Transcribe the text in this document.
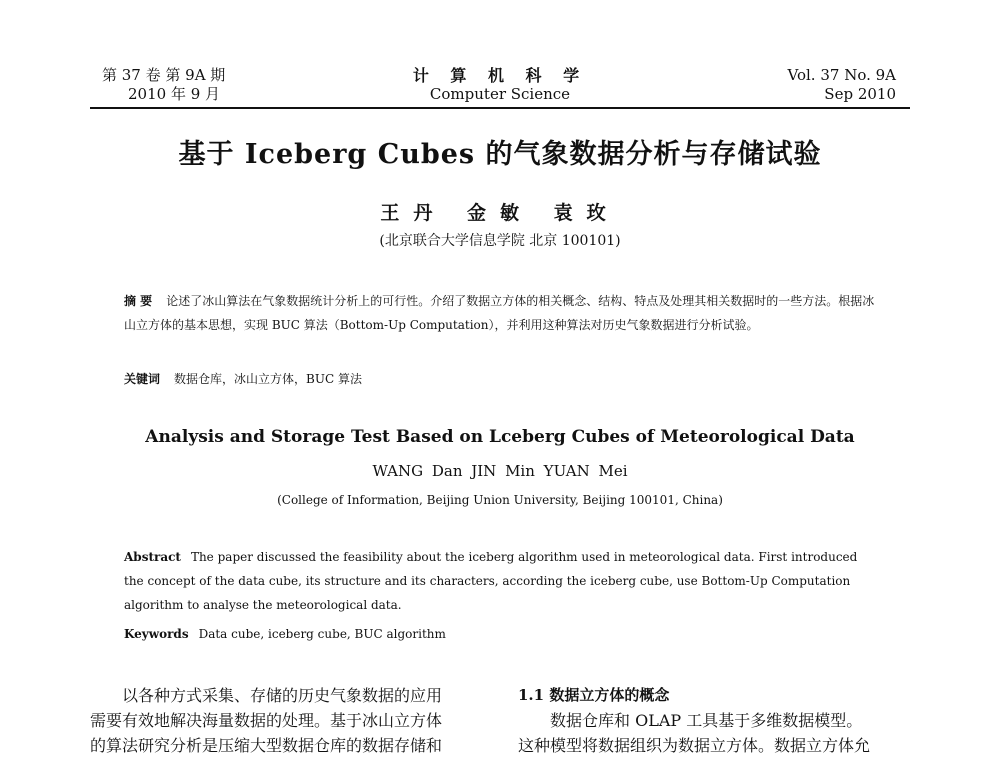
第 37 卷 第 9A 期
2010 年 9 月
计 算 机 科 学
Computer Science
Vol. 37 No. 9A
Sep 2010
基于 Iceberg Cubes 的气象数据分析与存储试验
王丹 金敏 袁玫
(北京联合大学信息学院 北京 100101)
摘 要 论述了冰山算法在气象数据统计分析上的可行性。介绍了数据立方体的相关概念、结构、特点及处理其相关数据时的一些方法。根据冰山立方体的基本思想，实现 BUC 算法（Bottom-Up Computation），并利用这种算法对历史气象数据进行分析试验。
关键词 数据仓库，冰山立方体，BUC 算法
Analysis and Storage Test Based on Lceberg Cubes of Meteorological Data
WANG Dan JIN Min YUAN Mei
(College of Information, Beijing Union University, Beijing 100101, China)
Abstract The paper discussed the feasibility about the iceberg algorithm used in meteorological data. First introduced the concept of the data cube, its structure and its characters, according the iceberg cube, use Bottom-Up Computation algorithm to analyse the meteorological data.
Keywords Data cube, iceberg cube, BUC algorithm
以各种方式采集、存储的历史气象数据的应用
需要有效地解决海量数据的处理。基于冰山立方体
的算法研究分析是压缩大型数据仓库的数据存储和
1.1 数据立方体的概念
数据仓库和 OLAP 工具基于多维数据模型。
这种模型将数据组织为数据立方体。数据立方体允
